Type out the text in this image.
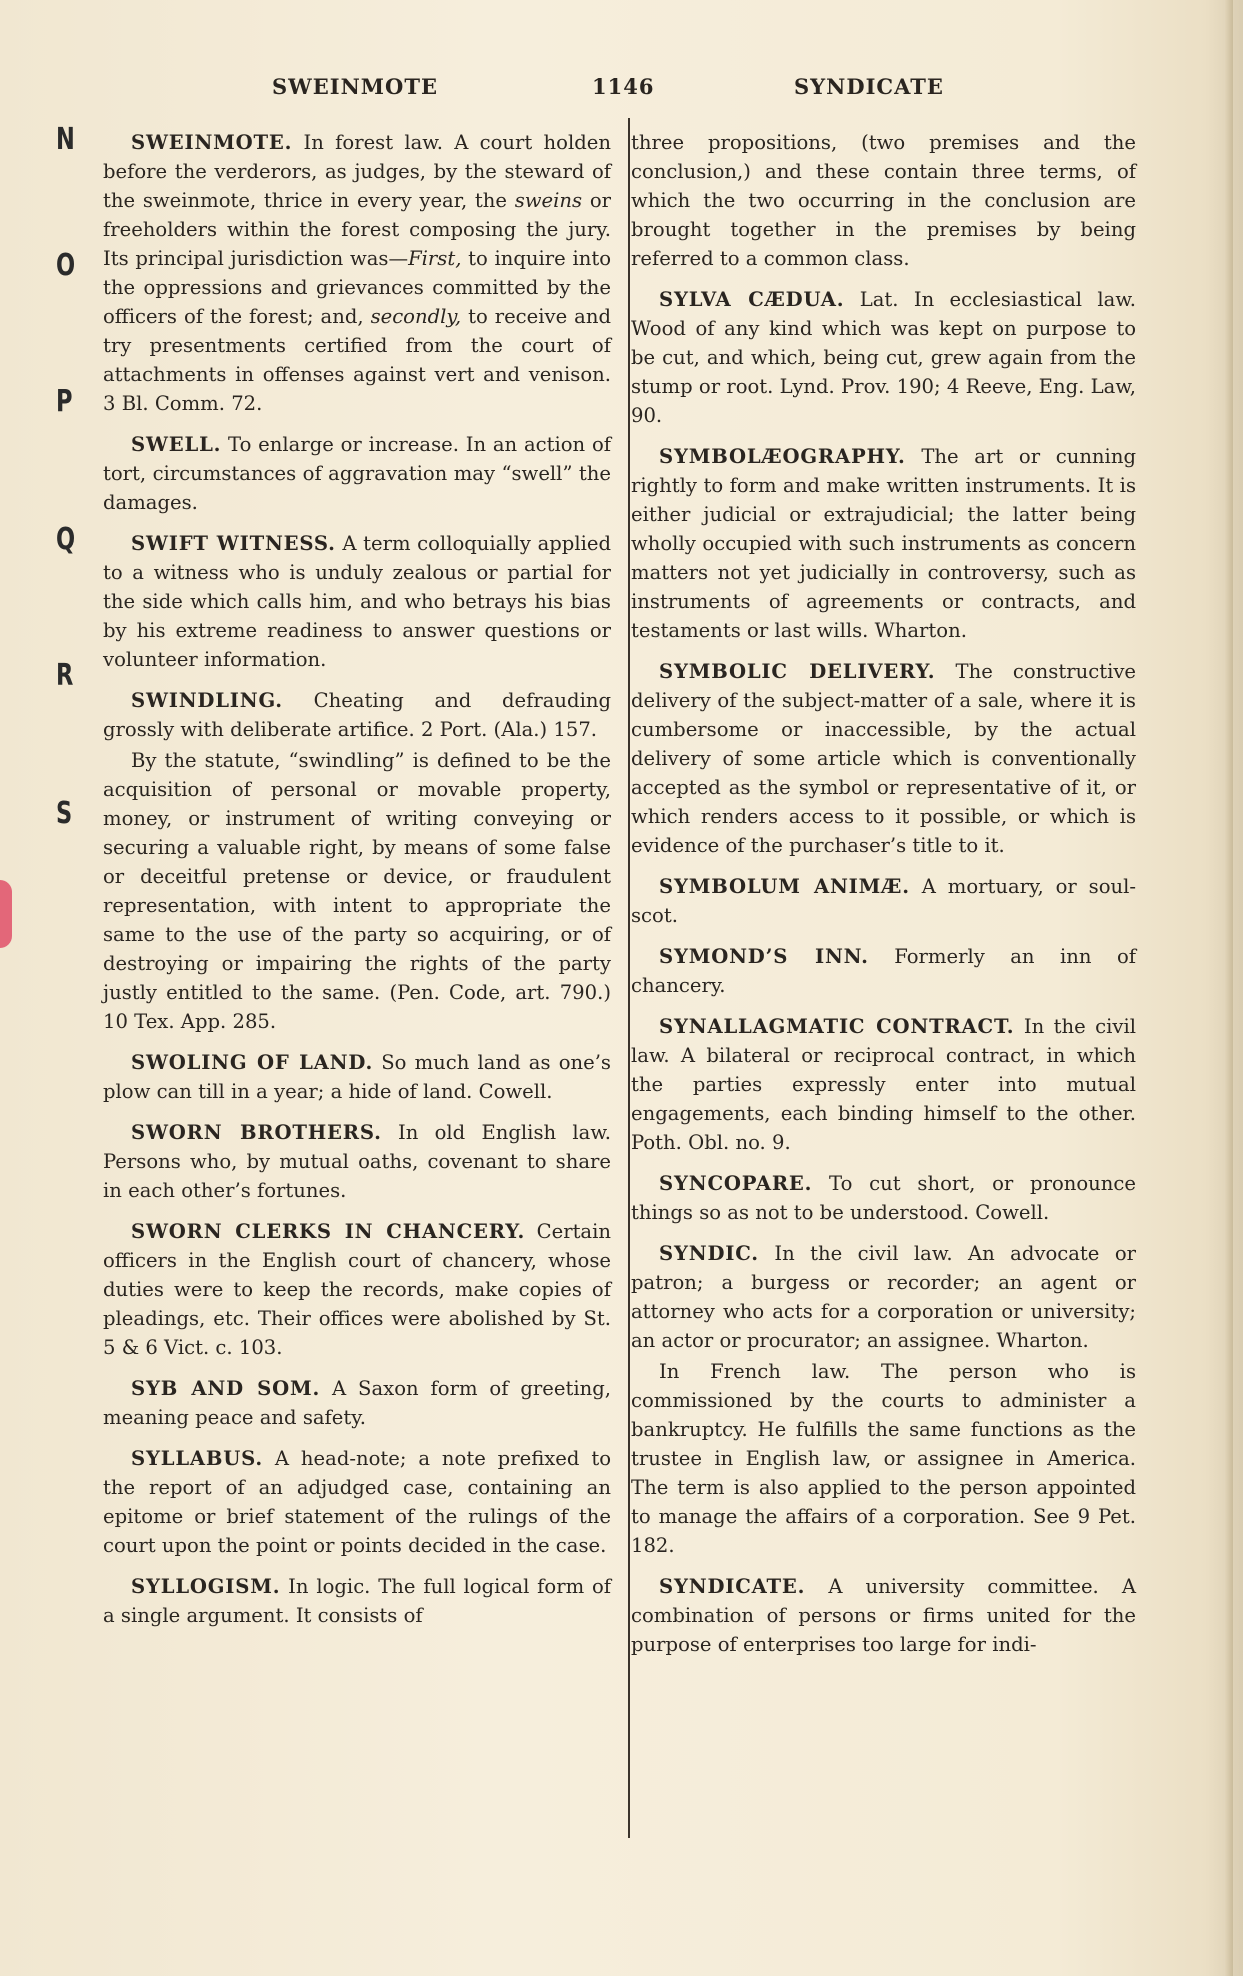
SWEINMOTE	1146	SYNDICATE
N
O
P
Q
R
S

SWEINMOTE. In forest law. A court holden before the verderors, as judges, by the steward of the sweinmote, thrice in every year, the sweins or freeholders within the forest composing the jury. Its principal jurisdiction was—First, to inquire into the oppressions and grievances committed by the officers of the forest; and, secondly, to receive and try presentments certified from the court of attachments in offenses against vert and venison. 3 Bl. Comm. 72.

SWELL. To enlarge or increase. In an action of tort, circumstances of aggravation may “swell” the damages.

SWIFT WITNESS. A term colloquially applied to a witness who is unduly zealous or partial for the side which calls him, and who betrays his bias by his extreme readiness to answer questions or volunteer information.

SWINDLING. Cheating and defrauding grossly with deliberate artifice. 2 Port. (Ala.) 157.

By the statute, “swindling” is defined to be the acquisition of personal or movable property, money, or instrument of writing conveying or securing a valuable right, by means of some false or deceitful pretense or device, or fraudulent representation, with intent to appropriate the same to the use of the party so acquiring, or of destroying or impairing the rights of the party justly entitled to the same. (Pen. Code, art. 790.) 10 Tex. App. 285.

SWOLING OF LAND. So much land as one’s plow can till in a year; a hide of land. Cowell.

SWORN BROTHERS. In old English law. Persons who, by mutual oaths, covenant to share in each other’s fortunes.

SWORN CLERKS IN CHANCERY. Certain officers in the English court of chancery, whose duties were to keep the records, make copies of pleadings, etc. Their offices were abolished by St. 5 & 6 Vict. c. 103.

SYB AND SOM. A Saxon form of greeting, meaning peace and safety.

SYLLABUS. A head-note; a note prefixed to the report of an adjudged case, containing an epitome or brief statement of the rulings of the court upon the point or points decided in the case.

SYLLOGISM. In logic. The full logical form of a single argument. It consists of

three propositions, (two premises and the conclusion,) and these contain three terms, of which the two occurring in the conclusion are brought together in the premises by being referred to a common class.

SYLVA CÆDUA. Lat. In ecclesiastical law. Wood of any kind which was kept on purpose to be cut, and which, being cut, grew again from the stump or root. Lynd. Prov. 190; 4 Reeve, Eng. Law, 90.

SYMBOLÆOGRAPHY. The art or cunning rightly to form and make written instruments. It is either judicial or extrajudicial; the latter being wholly occupied with such instruments as concern matters not yet judicially in controversy, such as instruments of agreements or contracts, and testaments or last wills. Wharton.

SYMBOLIC DELIVERY. The constructive delivery of the subject-matter of a sale, where it is cumbersome or inaccessible, by the actual delivery of some article which is conventionally accepted as the symbol or representative of it, or which renders access to it possible, or which is evidence of the purchaser’s title to it.

SYMBOLUM ANIMÆ. A mortuary, or soul-scot.

SYMOND’S INN. Formerly an inn of chancery.

SYNALLAGMATIC CONTRACT. In the civil law. A bilateral or reciprocal contract, in which the parties expressly enter into mutual engagements, each binding himself to the other. Poth. Obl. no. 9.

SYNCOPARE. To cut short, or pronounce things so as not to be understood. Cowell.

SYNDIC. In the civil law. An advocate or patron; a burgess or recorder; an agent or attorney who acts for a corporation or university; an actor or procurator; an assignee. Wharton.

In French law. The person who is commissioned by the courts to administer a bankruptcy. He fulfills the same functions as the trustee in English law, or assignee in America. The term is also applied to the person appointed to manage the affairs of a corporation. See 9 Pet. 182.

SYNDICATE. A university committee. A combination of persons or firms united for the purpose of enterprises too large for indi-
